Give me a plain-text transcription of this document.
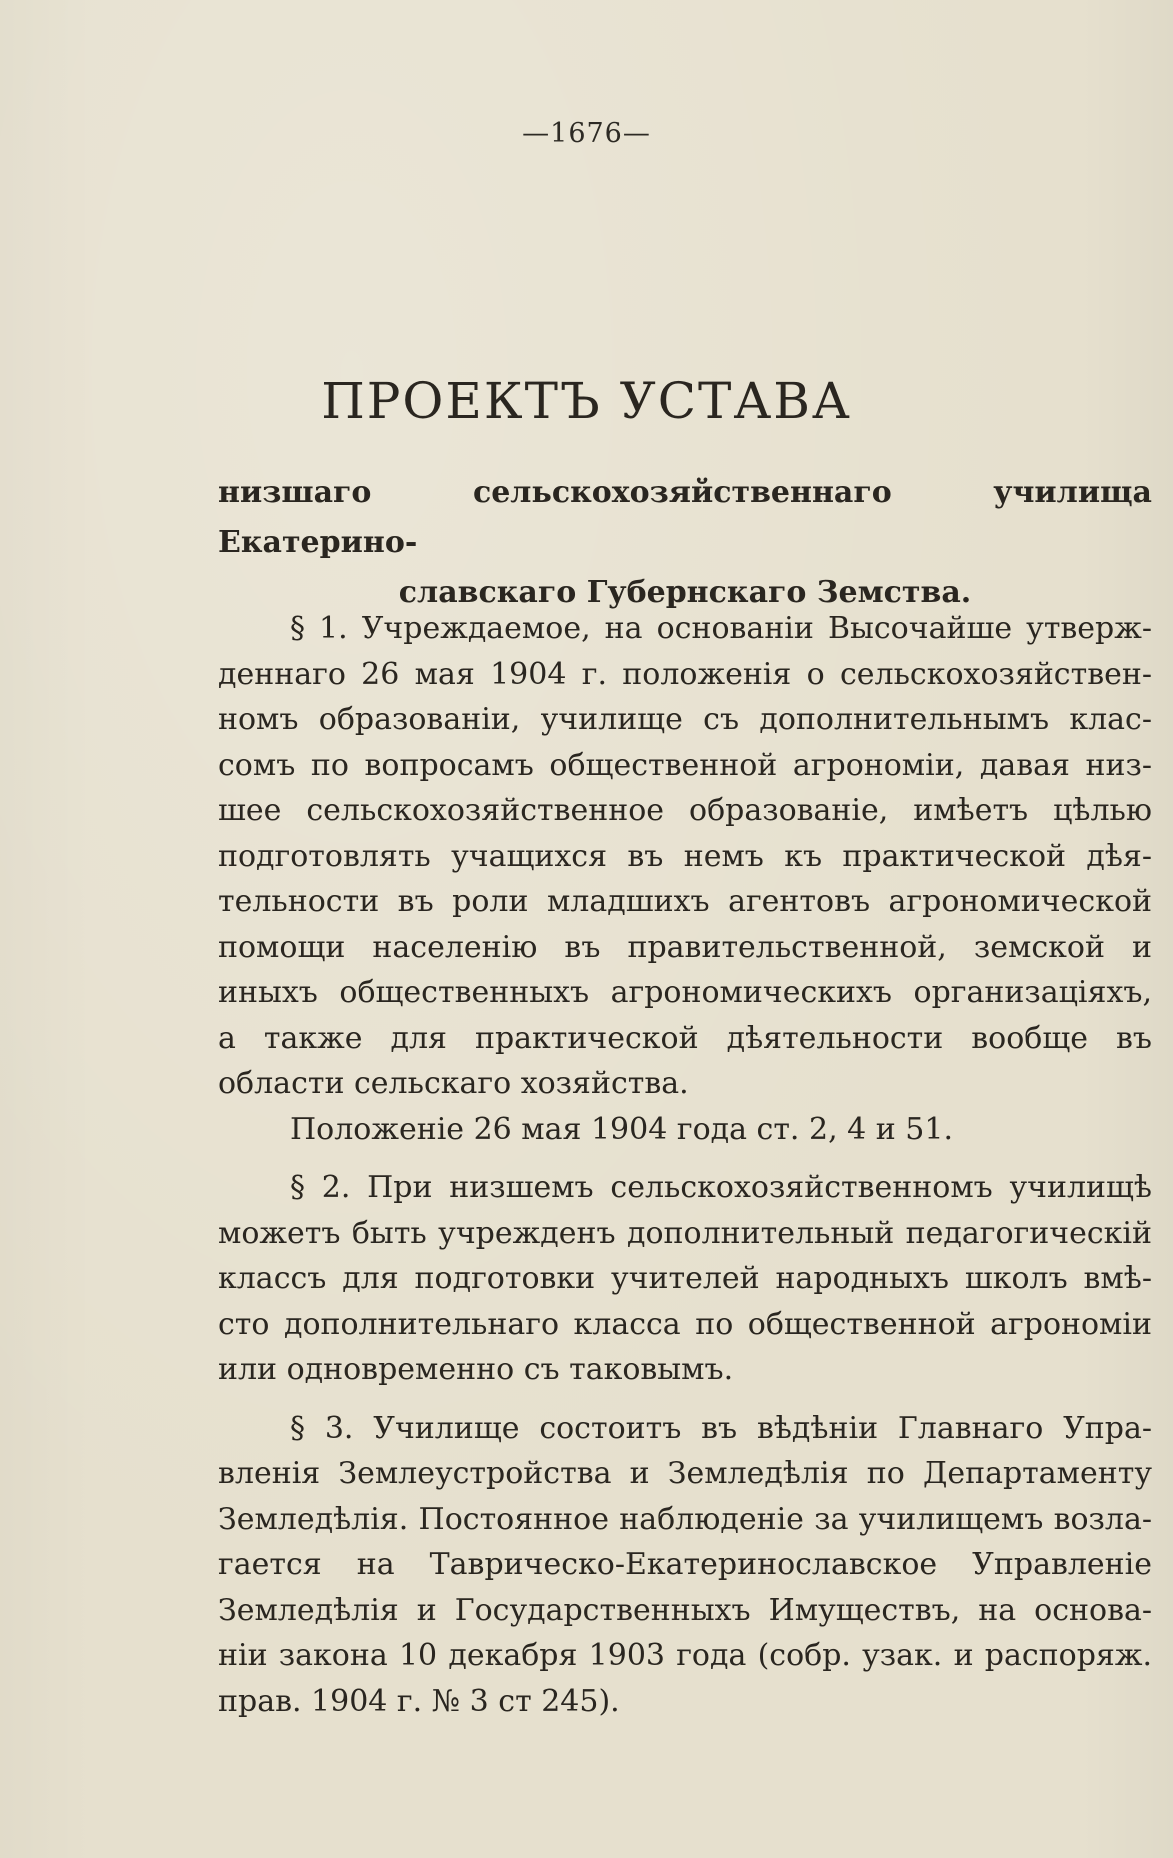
—1676—
ПРОЕКТЪ УСТАВА
низшаго сельскохозяйственнаго училища Екатерино-
славскаго Губернскаго Земства.
§ 1. Учреждаемое, на основанiи Высочайше утверж-
деннаго 26 мая 1904 г. положенiя о сельскохозяйствен-
номъ образованiи, училище съ дополнительнымъ клас-
сомъ по вопросамъ общественной агрономiи, давая низ-
шее сельскохозяйственное образованiе, имѣетъ цѣлью
подготовлять учащихся въ немъ къ практической дѣя-
тельности въ роли младшихъ агентовъ агрономической
помощи населенiю въ правительственной, земской и
иныхъ общественныхъ агрономическихъ организацiяхъ,
а также для практической дѣятельности вообще въ
области сельскаго хозяйства.
Положенiе 26 мая 1904 года ст. 2, 4 и 51.
§ 2. При низшемъ сельскохозяйственномъ училищѣ
можетъ быть учрежденъ дополнительный педагогическiй
классъ для подготовки учителей народныхъ школъ вмѣ-
сто дополнительнаго класса по общественной агрономiи
или одновременно съ таковымъ.
§ 3. Училище состоитъ въ вѣдѣнiи Главнаго Упра-
вленiя Землеустройства и Земледѣлiя по Департаменту
Земледѣлiя. Постоянное наблюденiе за училищемъ возла-
гается на Таврическо-Екатеринославское Управленiе
Земледѣлiя и Государственныхъ Имуществъ, на основа-
нiи закона 10 декабря 1903 года (собр. узак. и распоряж.
прав. 1904 г. № 3 ст 245).
